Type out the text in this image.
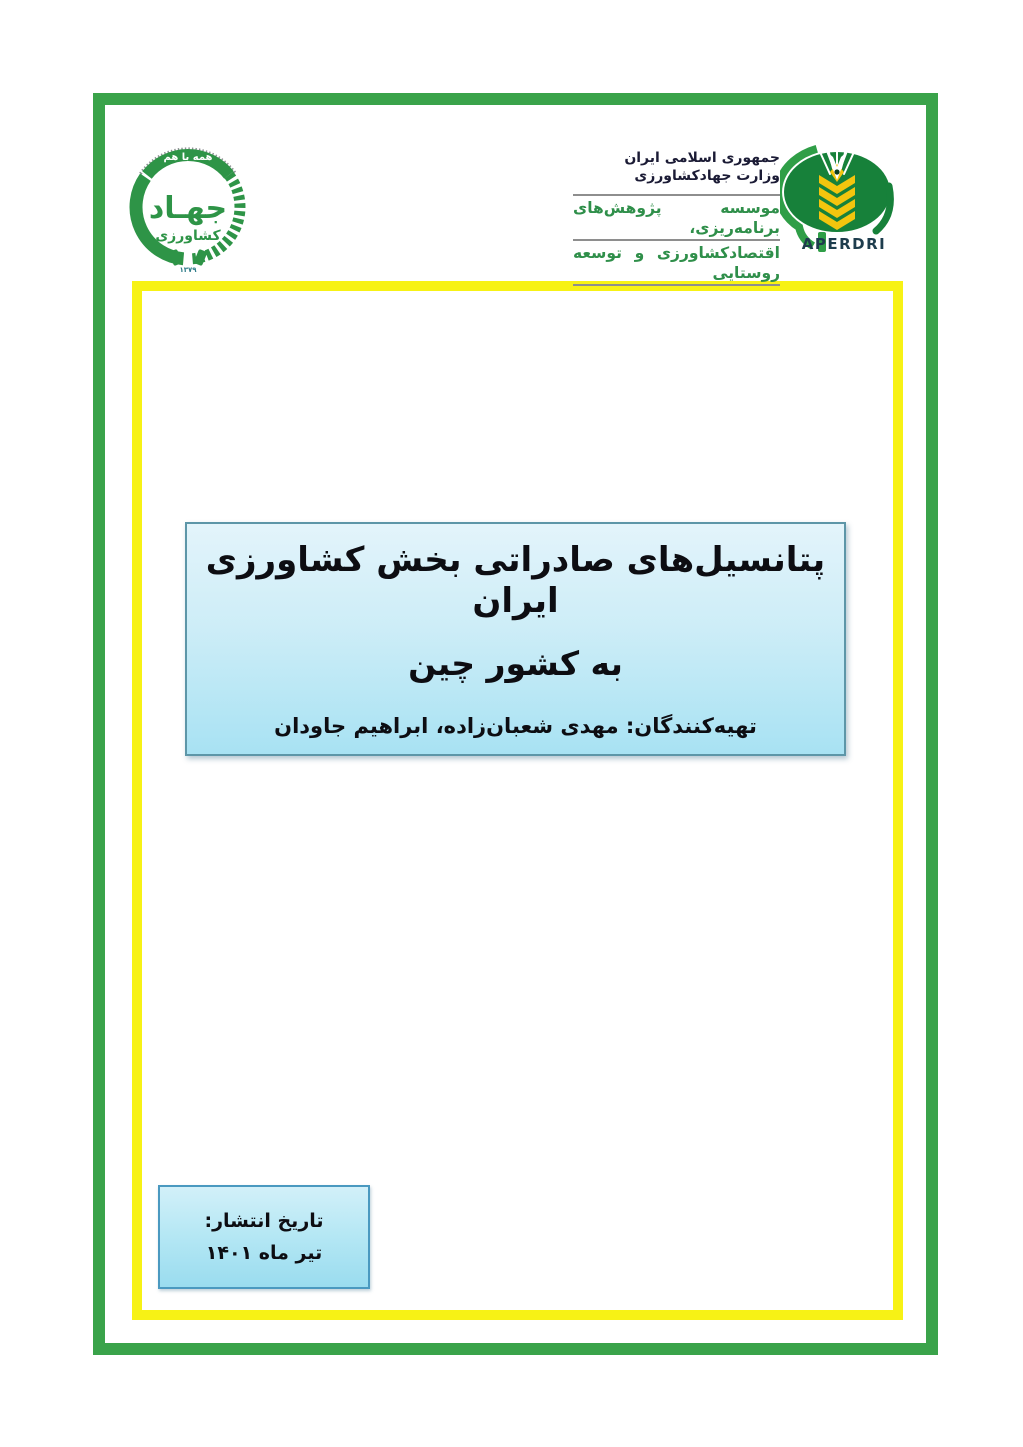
همه با هم
جهـاد
کشاورزی
۱۳۷۹
جمهوری اسلامی ایران
وزارت جهادکشاورزی
موسسه پژوهش‌های برنامه‌ریزی،
اقتصادکشاورزی و توسعه روستایی
APERDRI
پتانسیل‌های صادراتی بخش کشاورزی ایران
به کشور چین
تهیه‌کنندگان: مهدی شعبان‌زاده، ابراهیم جاودان
تاریخ انتشار:
تیر ماه ۱۴۰۱
